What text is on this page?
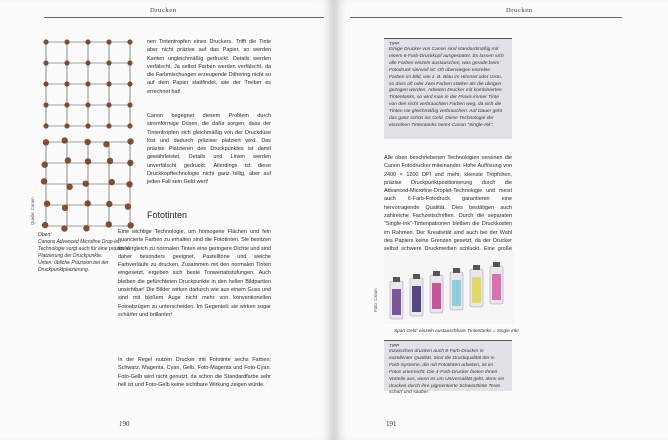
Drucken
Quelle: Canon

Oben:
Canons Advanced Microfine Drop-let-Technologie sorgt auch für eine präzisere Platzierung der Druckpunkte.
Unten: übliche Präzision bei der Druckpunktplatzierung.

nen Tintentropfen eines Druckers. Trifft die Tinte aber nicht präzise auf das Papier, so werden Kanten ungleichmäßig gedruckt. Details werden verfälscht. Ja selbst Farben werden verfälscht, da die Farbmischungen erzeugende Dithering nicht so auf dem Papier stattfindet, wie der Treiber es errechnet hat!

Canon begegnet diesem Problem durch stromförmige Düsen, die dafür sorgen, dass der Tintentropfen sich gleichmäßig von der Druckdüse löst und dadurch präziser platziert wird. Das präzise Platzieren des Druckpunktes ist damit gewährleistet, Details und Linien werden unverfälscht gedruckt. Allerdings ist diese Druckkopftechnologie nicht ganz billig, aber auf jeden Fall sein Geld wert!

Fototinten

Eine wichtige Technologie, um homogene Flächen und fein nuancierte Farben zu erhalten sind die Fototinten. Sie besitzen im Vergleich zu normalen Tinten eine geringere Dichte und sind daher besonders geeignet, Pastelltöne und weiche Farbverläufe zu drucken. Zusammen mit den normalen Tinten eingesetzt, ergeben sich beste Tonwertabstufungen. Auch bleiben die gefürchteten Druckpunkte in den hellen Bildpartien unsichtbar! Die Bilder wirken dadurch wie aus einem Guss und sind mit bloßem Auge nicht mehr von konventionellen Fotoabzügen zu unterscheiden. Im Gegenteil: sie wirken sogar schärfer und brillanter!

In der Regel nutzen Drucker mit Fototinte sechs Farben: Schwarz, Magenta, Cyan, Gelb, Foto-Magenta und Foto-Cyan. Foto-Gelb wird nicht genutzt, da schon die Standardfarbe sehr hell ist und Foto-Gelb keine sichtbare Wirkung zeigen würde.

190
Drucken
TIPP

Einige Drucker von Canon sind standardmäßig mit einem 6-Farb-Druckkopf ausgestattet. Es lassen sich alle Farben einzeln austauschen, was gerade beim Fotodruck sinnvoll ist: Oft überwiegen einzelne Farben im Bild, wie z. B. Blau im Himmel oder Grün, so dass oft oder zwei Farben stärker als die übrigen gezogen werden. Arbeiten Drucker mit kombinierten Tintentanks, so wird man in der Praxis immer Tinte von den nicht verbrauchten Farben weg, da sich die Tinten nie gleichmäßig verbrauchen. Auf Dauer geht das ganz schön ins Geld. Diese Technologie der einzelnen Tintentanks nennt Canon "Single-Ink".

Alle oben beschriebenen Technologien vereinen die Canon Fotodrucker miteinander. Hohe Auflösung von 2400 × 1200 DPI und mehr, kleinste Tröpfchen, präzise Druckpunktpositionierung durch die Advanced-Microfine-Droplet-Technologie und meist auch 6-Farb-Fotodruck garantieren eine hervorragende Qualität. Dies bestätigen auch zahlreiche Fachzeitschriften. Durch die separaten "Single-Ink"-Tintenpatronen bleiben die Druckkosten im Rahmen. Der Kreativität sind auch bei der Wahl des Papiers keine Grenzen gesetzt, da der Drucker selbst schwere Druckmedien schluckt. Eine große

Foto: Canon

Spart Geld: einzeln austauschbare Tintentanks = Single Ink!

TIPP

Inzwischen drucken auch 8-Farb-Drucker in exzellenter Qualität. Sind die Druckqualität der 6-Farb-Systeme, die mit Fototinten arbeiten, ist im Fotos unerreicht. Die 4-Farb-Drucker bieten Ihnen Vorteile aus, wenn es um Universalität geht, denn sie drucken durch ihre pigmentierte Schwarztinte Texte scharf und sauber.

191
